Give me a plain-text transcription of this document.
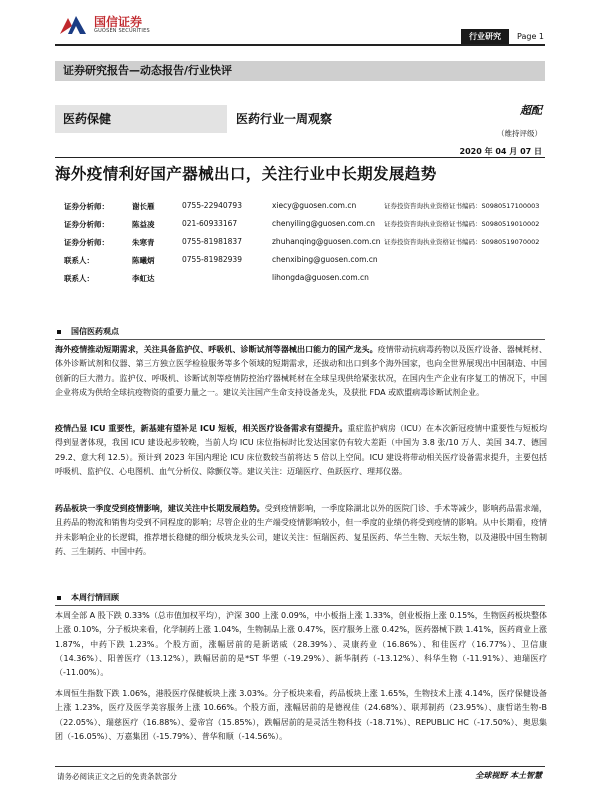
国信证券
GUOSEN SECURITIES
行业研究	Page 1
证券研究报告—动态报告/行业快评
医药保健	医药行业一周观察
超配
（维持评级）
2020 年 04 月 07 日
海外疫情利好国产器械出口，关注行业中长期发展趋势
证券分析师：	谢长雁	0755-22940793	xiecy@guosen.com.cn	证券投资咨询执业资格证书编码：S0980517100003
证券分析师：	陈益凌	021-60933167	chenyiling@guosen.com.cn 证券投资咨询执业资格证书编码：S0980519010002
证券分析师：	朱寒青	0755-81981837	zhuhanqing@guosen.com.cn 证券投资咨询执业资格证书编码：S0980519070002
联系人：	陈曦炳	0755-81982939	chenxibing@guosen.com.cn
联系人：	李虹达	lihongda@guosen.com.cn
国信医药观点
海外疫情推动短期需求，关注具备监护仪、呼吸机、诊断试剂等器械出口能力的国产龙头。疫情带动抗病毒药物以及医疗设备、器械耗材、体外诊断试剂和仪器、第三方独立医学检验服务等多个领域的短期需求，还拔动和出口到多个海外国家，也向全世界展现出中国制造、中国创新的巨大潜力。监护仪、呼吸机、诊断试剂等疫情防控治疗器械耗材在全球呈现供给紧张状况，在国内生产企业有序复工的情况下，中国企业将成为供给全球抗疫物资的重要力量之一。建议关注国产生命支持设备龙头，及获批 FDA 或欧盟病毒诊断试剂企业。
疫情凸显 ICU 重要性，新基建有望补足 ICU 短板，相关医疗设备需求有望提升。重症监护病房（ICU）在本次新冠疫情中重要性与短板均得到显著体现，我国 ICU 建设起步较晚，当前人均 ICU 床位指标时比发达国家仍有较大差距（中国为 3.8 张/10 万人、美国 34.7、德国 29.2、意大利 12.5）。预计到 2023 年国内理论 ICU 床位数较当前将达 5 倍以上空间。ICU 建设将带动相关医疗设备需求提升，主要包括呼吸机、监护仪、心电图机、血气分析仪、除颤仪等。建议关注：迈瑞医疗、鱼跃医疗、理邦仪器。
药品板块一季度受到疫情影响，建议关注中长期发展趋势。受到疫情影响，一季度除湖北以外的医院门诊、手术等减少，影响药品需求端，且药品的物流和销售均受到不同程度的影响；尽管企业的生产端受疫情影响较小，但一季度的业绩仍将受到疫情的影响。从中长期看，疫情并未影响企业的长逻辑，推荐增长稳健的细分板块龙头公司，建议关注：恒瑞医药、复星医药、华兰生物、天坛生物，以及港股中国生物制药、三生制药、中国中药。
本周行情回顾
本周全部 A 股下跌 0.33%（总市值加权平均），沪深 300 上涨 0.09%，中小板指上涨 1.33%，创业板指上涨 0.15%，生物医药板块整体上涨 0.10%，分子板块来看，化学制药上涨 1.04%，生物制品上涨 0.47%，医疗服务上涨 0.42%，医药器械下跌 1.41%，医药商业上涨 1.87%，中药下跌 1.23%。个股方面，涨幅居前的是新诺威（28.39%）、灵康药业（16.86%）、和佳医疗（16.77%）、卫信康（14.36%）、阳普医疗（13.12%），跌幅居前的是*ST 华塑（-19.29%）、新华制药（-13.12%）、科华生物（-11.91%）、迪瑞医疗（-11.00%）。
本周恒生指数下跌 1.06%，港股医疗保健板块上涨 3.03%。分子板块来看，药品板块上涨 1.65%，生物技术上涨 4.14%，医疗保健设备上涨 1.23%，医疗及医学美容服务上涨 10.66%。个股方面，涨幅居前的是德视佳（24.68%）、联邦制药（23.95%）、康哲诺生物-B（22.05%）、瑞慈医疗（16.88%）、爱帝宫（15.85%），跌幅居前的是灵活生物科技（-18.71%）、REPUBLIC HC（-17.50%）、奥思集团（-16.05%）、万嘉集团（-15.79%）、普华和顺（-14.56%）。
请务必阅读正文之后的免责条款部分	全球视野 本土智慧
